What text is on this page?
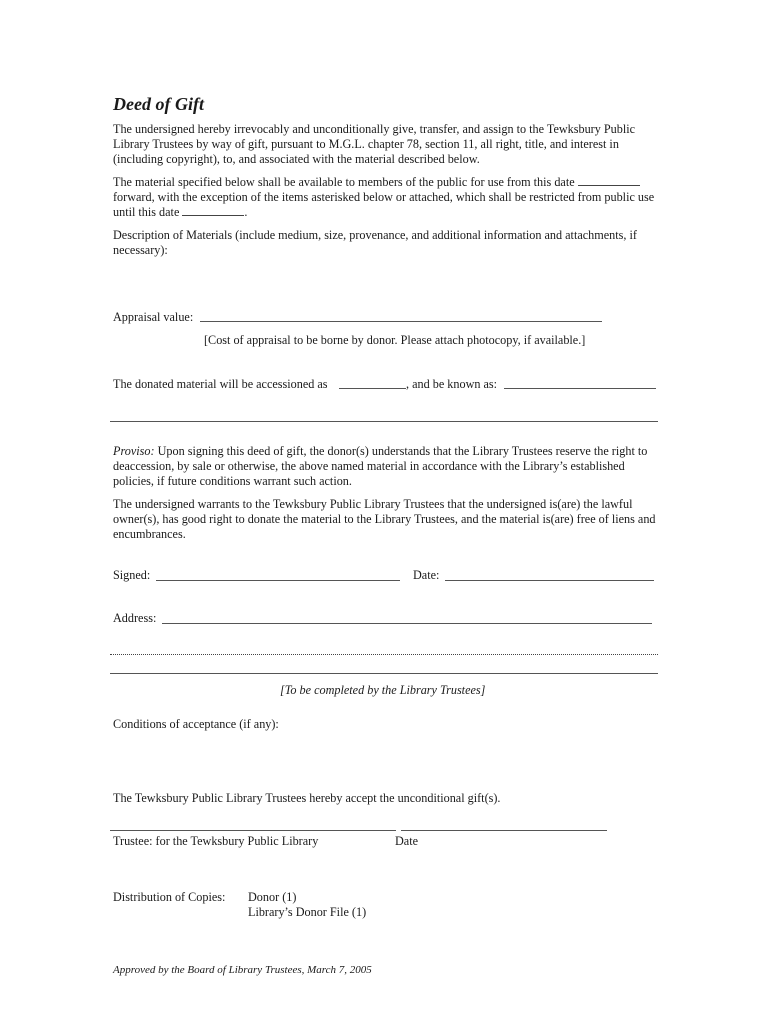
Deed of Gift
The undersigned hereby irrevocably and unconditionally give, transfer, and assign to the Tewksbury Public Library Trustees by way of gift, pursuant to M.G.L. chapter 78, section 11, all right, title, and interest in (including copyright), to, and associated with the material described below.
The material specified below shall be available to members of the public for use from this date  forward, with the exception of the items asterisked below or attached, which shall be restricted from public use until this date	.
Description of Materials (include medium, size, provenance, and additional information and attachments, if necessary):
Appraisal value:
[Cost of appraisal to be borne by donor. Please attach photocopy, if available.]
The donated material will be accessioned as	, and be known as:
Proviso: Upon signing this deed of gift, the donor(s) understands that the Library Trustees reserve the right to deaccession, by sale or otherwise, the above named material in accordance with the Library’s established policies, if future conditions warrant such action.
The undersigned warrants to the Tewksbury Public Library Trustees that the undersigned is(are) the lawful owner(s), has good right to donate the material to the Library Trustees, and the material is(are) free of liens and encumbrances.
Signed:	Date:
Address:
[To be completed by the Library Trustees]
Conditions of acceptance (if any):
The Tewksbury Public Library Trustees hereby accept the unconditional gift(s).
Trustee: for the Tewksbury Public Library	Date
Distribution of Copies: Donor (1)
Library’s Donor File (1)
Approved by the Board of Library Trustees, March 7, 2005
